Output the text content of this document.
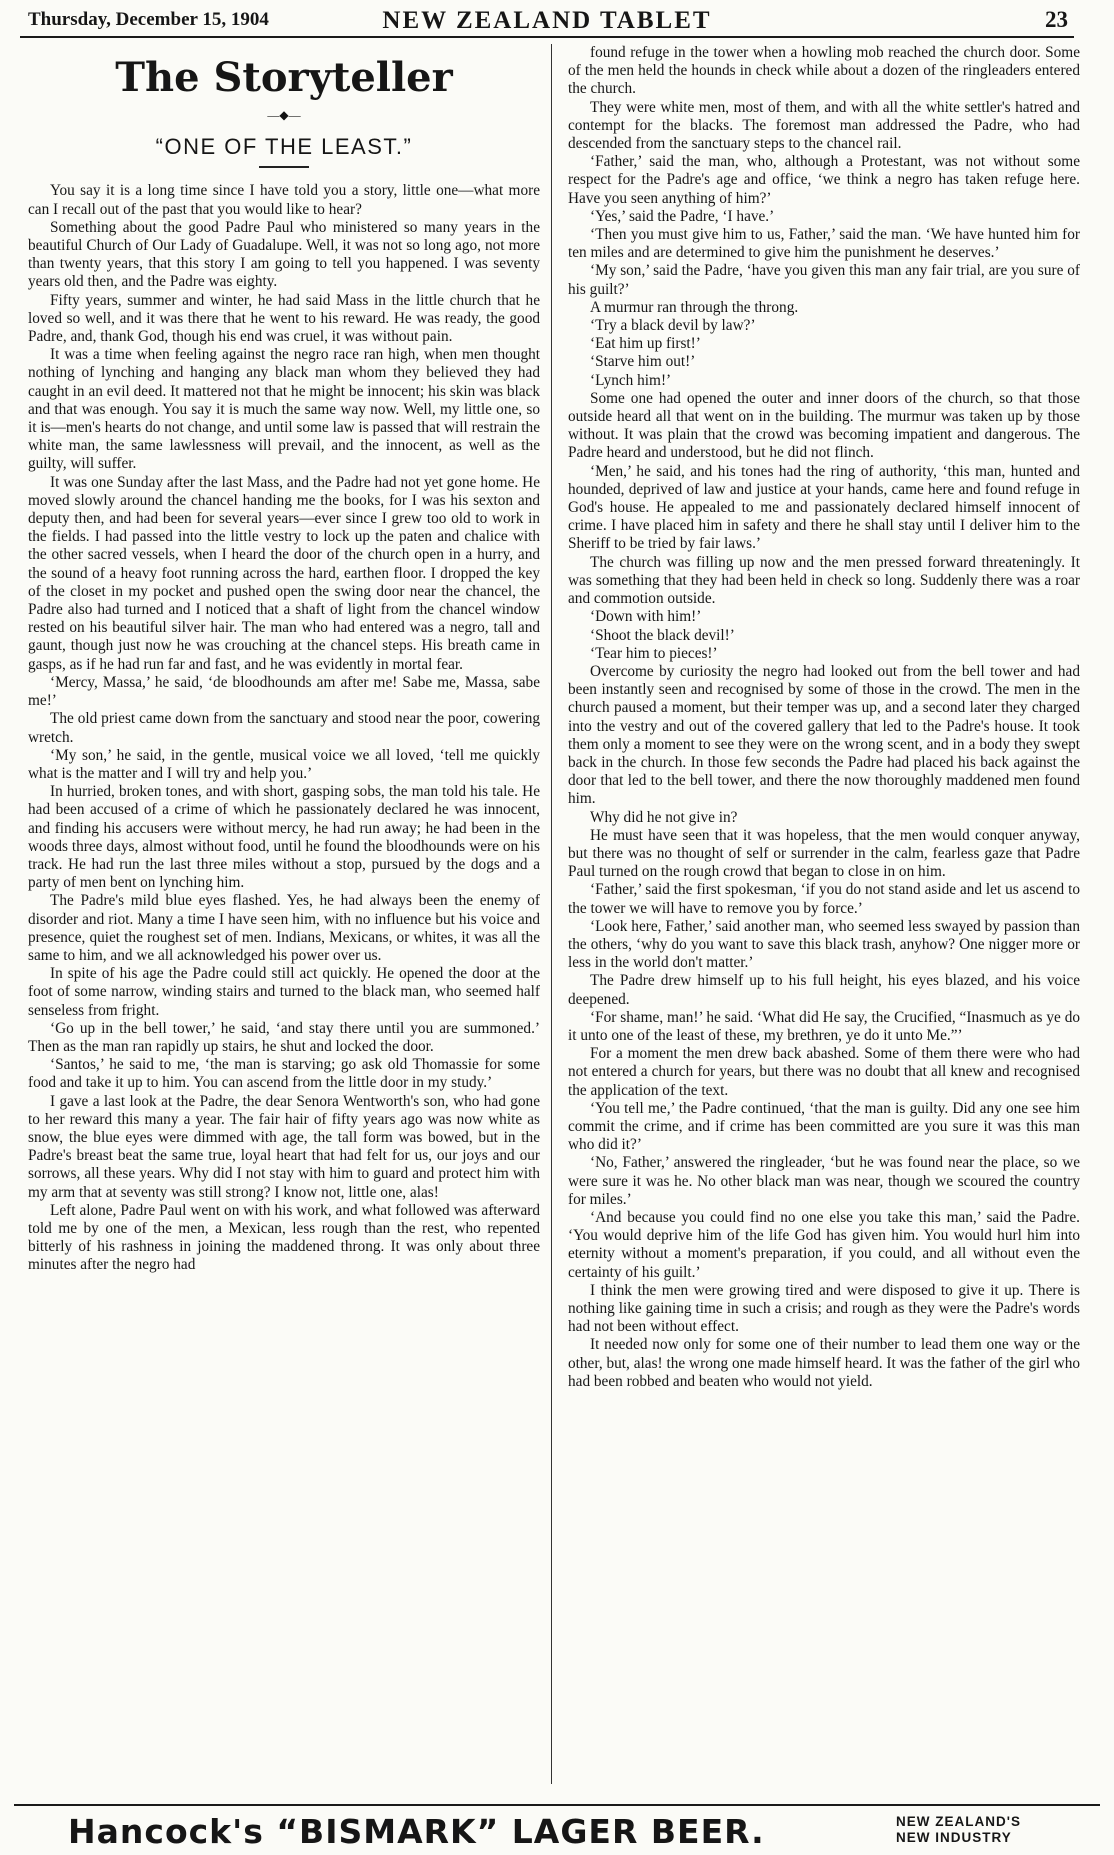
Thursday, December 15, 1904	NEW ZEALAND TABLET	23
The Storyteller
—◆—
“ONE OF THE LEAST.”

You say it is a long time since I have told you a story, little one—what more can I recall out of the past that you would like to hear?

Something about the good Padre Paul who ministered so many years in the beautiful Church of Our Lady of Guadalupe. Well, it was not so long ago, not more than twenty years, that this story I am going to tell you happened. I was seventy years old then, and the Padre was eighty.

Fifty years, summer and winter, he had said Mass in the little church that he loved so well, and it was there that he went to his reward. He was ready, the good Padre, and, thank God, though his end was cruel, it was without pain.

It was a time when feeling against the negro race ran high, when men thought nothing of lynching and hanging any black man whom they believed they had caught in an evil deed. It mattered not that he might be innocent; his skin was black and that was enough. You say it is much the same way now. Well, my little one, so it is—men's hearts do not change, and until some law is passed that will restrain the white man, the same lawlessness will prevail, and the innocent, as well as the guilty, will suffer.

It was one Sunday after the last Mass, and the Padre had not yet gone home. He moved slowly around the chancel handing me the books, for I was his sexton and deputy then, and had been for several years—ever since I grew too old to work in the fields. I had passed into the little vestry to lock up the paten and chalice with the other sacred vessels, when I heard the door of the church open in a hurry, and the sound of a heavy foot running across the hard, earthen floor. I dropped the key of the closet in my pocket and pushed open the swing door near the chancel, the Padre also had turned and I noticed that a shaft of light from the chancel window rested on his beautiful silver hair. The man who had entered was a negro, tall and gaunt, though just now he was crouching at the chancel steps. His breath came in gasps, as if he had run far and fast, and he was evidently in mortal fear.

‘Mercy, Massa,’ he said, ‘de bloodhounds am after me! Sabe me, Massa, sabe me!’

The old priest came down from the sanctuary and stood near the poor, cowering wretch.

‘My son,’ he said, in the gentle, musical voice we all loved, ‘tell me quickly what is the matter and I will try and help you.’

In hurried, broken tones, and with short, gasping sobs, the man told his tale. He had been accused of a crime of which he passionately declared he was innocent, and finding his accusers were without mercy, he had run away; he had been in the woods three days, almost without food, until he found the bloodhounds were on his track. He had run the last three miles without a stop, pursued by the dogs and a party of men bent on lynching him.

The Padre's mild blue eyes flashed. Yes, he had always been the enemy of disorder and riot. Many a time I have seen him, with no influence but his voice and presence, quiet the roughest set of men. Indians, Mexicans, or whites, it was all the same to him, and we all acknowledged his power over us.

In spite of his age the Padre could still act quickly. He opened the door at the foot of some narrow, winding stairs and turned to the black man, who seemed half senseless from fright.

‘Go up in the bell tower,’ he said, ‘and stay there until you are summoned.’ Then as the man ran rapidly up stairs, he shut and locked the door.

‘Santos,’ he said to me, ‘the man is starving; go ask old Thomassie for some food and take it up to him. You can ascend from the little door in my study.’

I gave a last look at the Padre, the dear Senora Wentworth's son, who had gone to her reward this many a year. The fair hair of fifty years ago was now white as snow, the blue eyes were dimmed with age, the tall form was bowed, but in the Padre's breast beat the same true, loyal heart that had felt for us, our joys and our sorrows, all these years. Why did I not stay with him to guard and protect him with my arm that at seventy was still strong? I know not, little one, alas!

Left alone, Padre Paul went on with his work, and what followed was afterward told me by one of the men, a Mexican, less rough than the rest, who repented bitterly of his rashness in joining the maddened throng. It was only about three minutes after the negro had

found refuge in the tower when a howling mob reached the church door. Some of the men held the hounds in check while about a dozen of the ringleaders entered the church.

They were white men, most of them, and with all the white settler's hatred and contempt for the blacks. The foremost man addressed the Padre, who had descended from the sanctuary steps to the chancel rail.

‘Father,’ said the man, who, although a Protestant, was not without some respect for the Padre's age and office, ‘we think a negro has taken refuge here. Have you seen anything of him?’

‘Yes,’ said the Padre, ‘I have.’

‘Then you must give him to us, Father,’ said the man. ‘We have hunted him for ten miles and are determined to give him the punishment he deserves.’

‘My son,’ said the Padre, ‘have you given this man any fair trial, are you sure of his guilt?’

A murmur ran through the throng.

‘Try a black devil by law?’

‘Eat him up first!’

‘Starve him out!’

‘Lynch him!’

Some one had opened the outer and inner doors of the church, so that those outside heard all that went on in the building. The murmur was taken up by those without. It was plain that the crowd was becoming impatient and dangerous. The Padre heard and understood, but he did not flinch.

‘Men,’ he said, and his tones had the ring of authority, ‘this man, hunted and hounded, deprived of law and justice at your hands, came here and found refuge in God's house. He appealed to me and passionately declared himself innocent of crime. I have placed him in safety and there he shall stay until I deliver him to the Sheriff to be tried by fair laws.’

The church was filling up now and the men pressed forward threateningly. It was something that they had been held in check so long. Suddenly there was a roar and commotion outside.

‘Down with him!’

‘Shoot the black devil!’

‘Tear him to pieces!’

Overcome by curiosity the negro had looked out from the bell tower and had been instantly seen and recognised by some of those in the crowd. The men in the church paused a moment, but their temper was up, and a second later they charged into the vestry and out of the covered gallery that led to the Padre's house. It took them only a moment to see they were on the wrong scent, and in a body they swept back in the church. In those few seconds the Padre had placed his back against the door that led to the bell tower, and there the now thoroughly maddened men found him.

Why did he not give in?

He must have seen that it was hopeless, that the men would conquer anyway, but there was no thought of self or surrender in the calm, fearless gaze that Padre Paul turned on the rough crowd that began to close in on him.

‘Father,’ said the first spokesman, ‘if you do not stand aside and let us ascend to the tower we will have to remove you by force.’

‘Look here, Father,’ said another man, who seemed less swayed by passion than the others, ‘why do you want to save this black trash, anyhow? One nigger more or less in the world don't matter.’

The Padre drew himself up to his full height, his eyes blazed, and his voice deepened.

‘For shame, man!’ he said. ‘What did He say, the Crucified, “Inasmuch as ye do it unto one of the least of these, my brethren, ye do it unto Me.”’

For a moment the men drew back abashed. Some of them there were who had not entered a church for years, but there was no doubt that all knew and recognised the application of the text.

‘You tell me,’ the Padre continued, ‘that the man is guilty. Did any one see him commit the crime, and if crime has been committed are you sure it was this man who did it?’

‘No, Father,’ answered the ringleader, ‘but he was found near the place, so we were sure it was he. No other black man was near, though we scoured the country for miles.’

‘And because you could find no one else you take this man,’ said the Padre. ‘You would deprive him of the life God has given him. You would hurl him into eternity without a moment's preparation, if you could, and all without even the certainty of his guilt.’

I think the men were growing tired and were disposed to give it up. There is nothing like gaining time in such a crisis; and rough as they were the Padre's words had not been without effect.

It needed now only for some one of their number to lead them one way or the other, but, alas! the wrong one made himself heard. It was the father of the girl who had been robbed and beaten who would not yield.

Hancock's “BISMARK” LAGER BEER.	NEW ZEALAND'S
NEW INDUSTRY
